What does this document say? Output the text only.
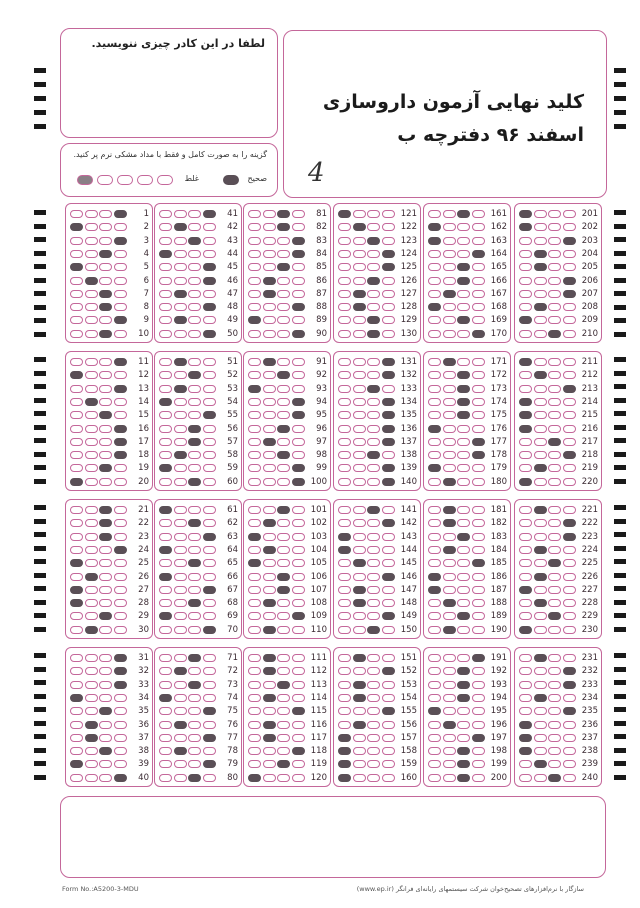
لطفا در این کادر چیزی ننویسید.
گزینه را به صورت کامل و فقط با مداد مشکی نرم پر کنید.
صحیح
غلط
کلید نهایی آزمون داروسازی
اسفند ۹۶ دفترچه ب
4
1
2
3
4
5
6
7
8
9
10
41
42
43
44
45
46
47
48
49
50
81
82
83
84
85
86
87
88
89
90
121
122
123
124
125
126
127
128
129
130
161
162
163
164
165
166
167
168
169
170
201
202
203
204
205
206
207
208
209
210
11
12
13
14
15
16
17
18
19
20
51
52
53
54
55
56
57
58
59
60
91
92
93
94
95
96
97
98
99
100
131
132
133
134
135
136
137
138
139
140
171
172
173
174
175
176
177
178
179
180
211
212
213
214
215
216
217
218
219
220
21
22
23
24
25
26
27
28
29
30
61
62
63
64
65
66
67
68
69
70
101
102
103
104
105
106
107
108
109
110
141
142
143
144
145
146
147
148
149
150
181
182
183
184
185
186
187
188
189
190
221
222
223
224
225
226
227
228
229
230
31
32
33
34
35
36
37
38
39
40
71
72
73
74
75
76
77
78
79
80
111
112
113
114
115
116
117
118
119
120
151
152
153
154
155
156
157
158
159
160
191
192
193
194
195
196
197
198
199
200
231
232
233
234
235
236
237
238
239
240
Form No.:A5200-3-MDU	سازگار با نرم‌افزارهای تصحیح‌خوان شرکت سیستمهای رایانه‌ای فرانگر (www.ep.ir)
